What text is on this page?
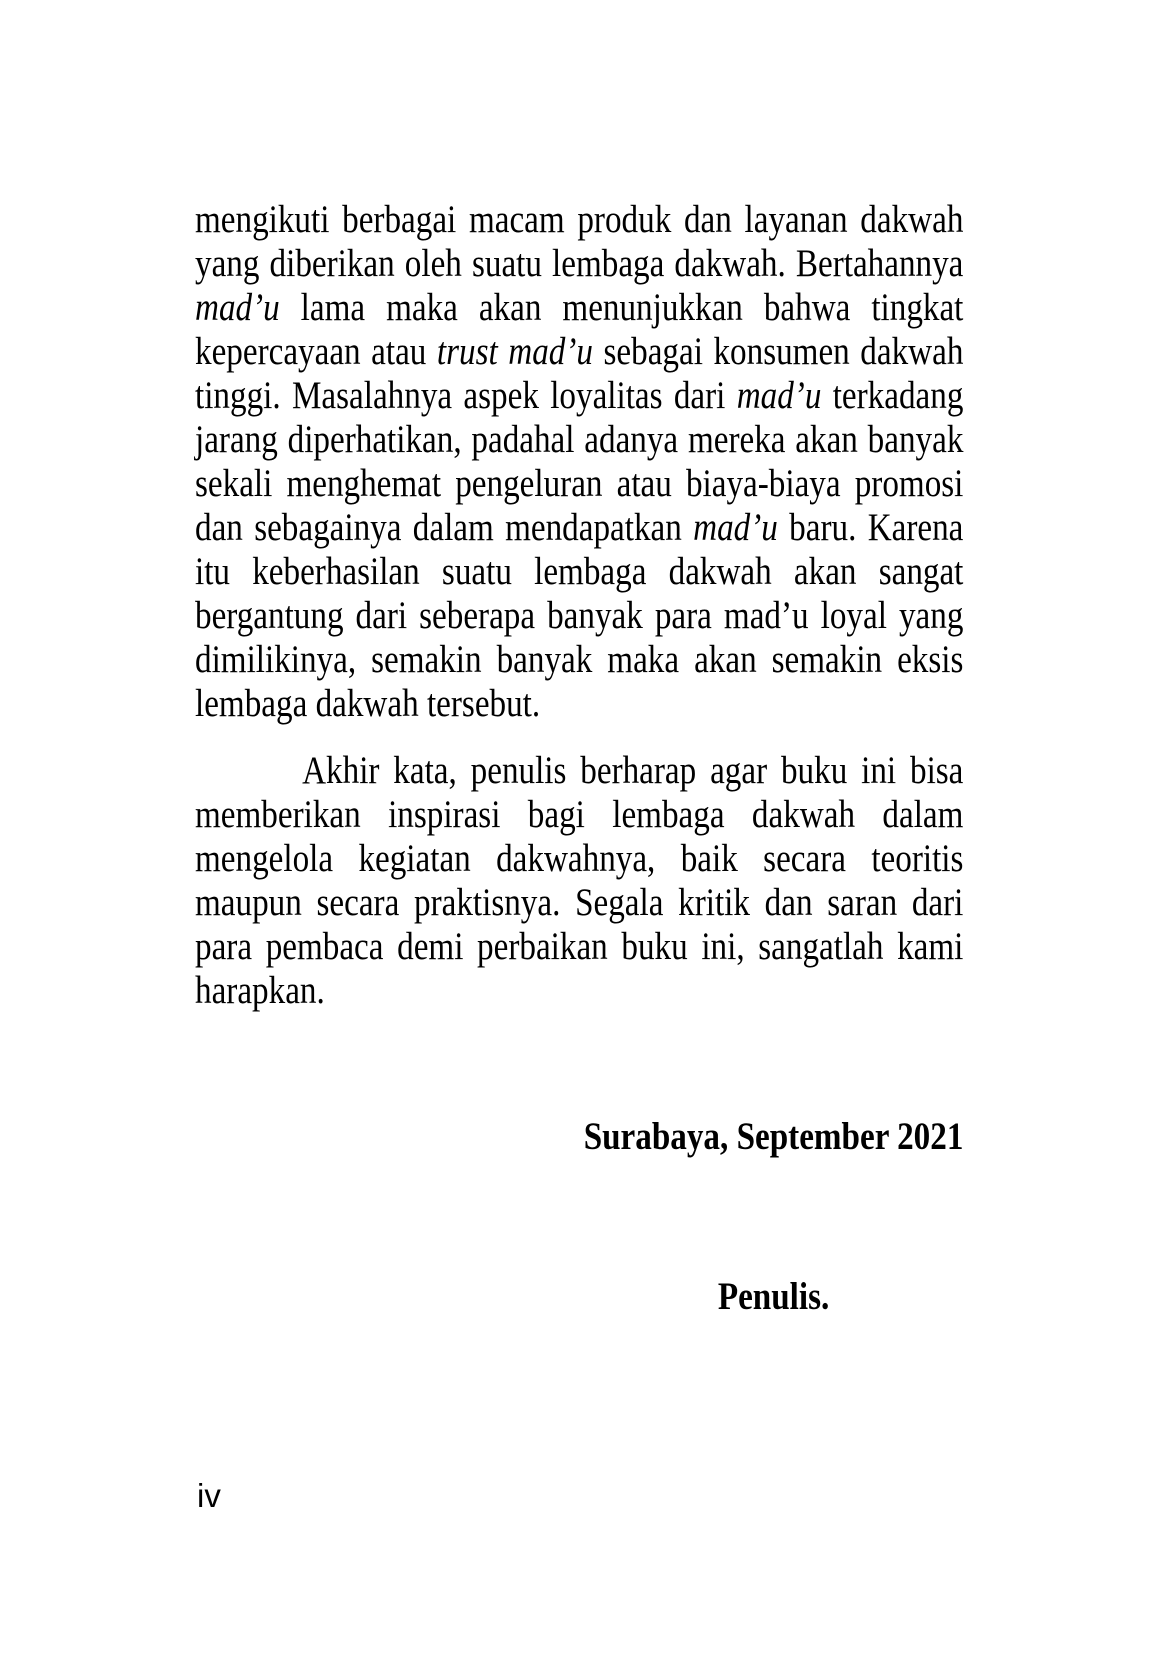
mengikuti berbagai macam produk dan layanan dakwah
yang diberikan oleh suatu lembaga dakwah. Bertahannya
mad’u lama maka akan menunjukkan bahwa tingkat
kepercayaan atau trust mad’u sebagai konsumen dakwah
tinggi. Masalahnya aspek loyalitas dari mad’u terkadang
jarang diperhatikan, padahal adanya mereka akan banyak
sekali menghemat pengeluran atau biaya-biaya promosi
dan sebagainya dalam mendapatkan mad’u baru. Karena
itu keberhasilan suatu lembaga dakwah akan sangat
bergantung dari seberapa banyak para mad’u loyal yang
dimilikinya, semakin banyak maka akan semakin eksis
lembaga dakwah tersebut.
Akhir kata, penulis berharap agar buku ini bisa
memberikan inspirasi bagi lembaga dakwah dalam
mengelola kegiatan dakwahnya, baik secara teoritis
maupun secara praktisnya. Segala kritik dan saran dari
para pembaca demi perbaikan buku ini, sangatlah kami
harapkan.
Surabaya, September 2021
Penulis.
iv
